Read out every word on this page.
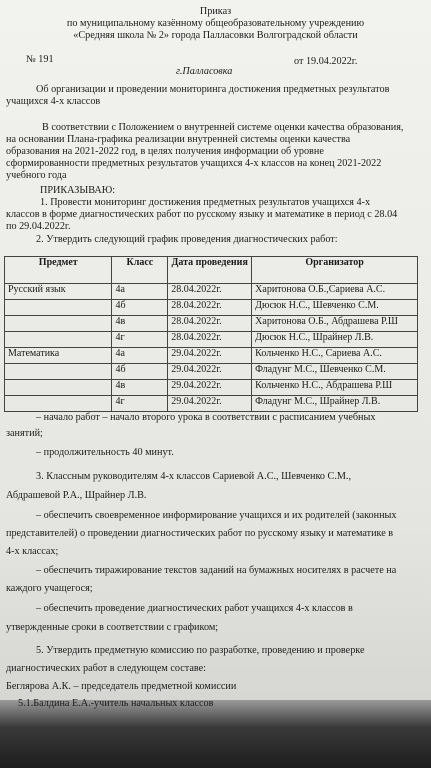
Приказ
по муниципальному казённому общеобразовательному учреждению
«Средняя школа № 2» города Палласовки Волгоградской области
№ 191	от 19.04.2022г.
г.Палласовка
Об организации и проведении мониторинга достижения предметных результатов
учащихся 4-х классов
В соответствии с Положением о внутренней системе оценки качества образования,
на основании Плана-графика реализации внутренней системы оценки качества
образования на 2021-2022 год, в целях получения информации об уровне
сформированности предметных результатов учащихся 4-х классов на конец 2021-2022
учебного года
ПРИКАЗЫВАЮ:
1. Провести мониторинг достижения предметных результатов учащихся 4-х
классов в форме диагностических работ по русскому языку и математике в период с 28.04
по 29.04.2022г.
2. Утвердить следующий график проведения диагностических работ:
Предмет	Класс	Дата проведения	Организатор
Русский язык	4а	28.04.2022г.	Харитонова О.Б.,Сариева А.С.
	4б	28.04.2022г.	Дюсюк Н.С., Шевченко С.М.
	4в	28.04.2022г.	Харитонова О.Б., Абдрашева Р.Ш
	4г	28.04.2022г.	Дюсюк Н.С., Шрайнер Л.В.
Математика	4а	29.04.2022г.	Кольченко Н.С., Сариева А.С.
	4б	29.04.2022г.	Фладунг М.С., Шевченко С.М.
	4в	29.04.2022г.	Кольченко Н.С., Абдрашева Р.Ш
	4г	29.04.2022г.	Фладунг М.С., Шрайнер Л.В.
– начало работ – начало второго урока в соответствии с расписанием учебных
занятий;
– продолжительность 40 минут.
3. Классным руководителям 4-х классов Сариевой А.С., Шевченко С.М.,
Абдрашевой Р.А., Шрайнер Л.В.
– обеспечить своевременное информирование учащихся и их родителей (законных
представителей) о проведении диагностических работ по русскому языку и математике в
4-х классах;
– обеспечить тиражирование текстов заданий на бумажных носителях в расчете на
каждого учащегося;
– обеспечить проведение диагностических работ учащихся 4-х классов в
утвержденные сроки в соответствии с графиком;
5. Утвердить предметную комиссию по разработке, проведению и проверке
диагностических работ в следующем составе:
Беглярова А.К. – председатель предметной комиссии
5.1.Балдина Е.А.-учитель начальных классов
